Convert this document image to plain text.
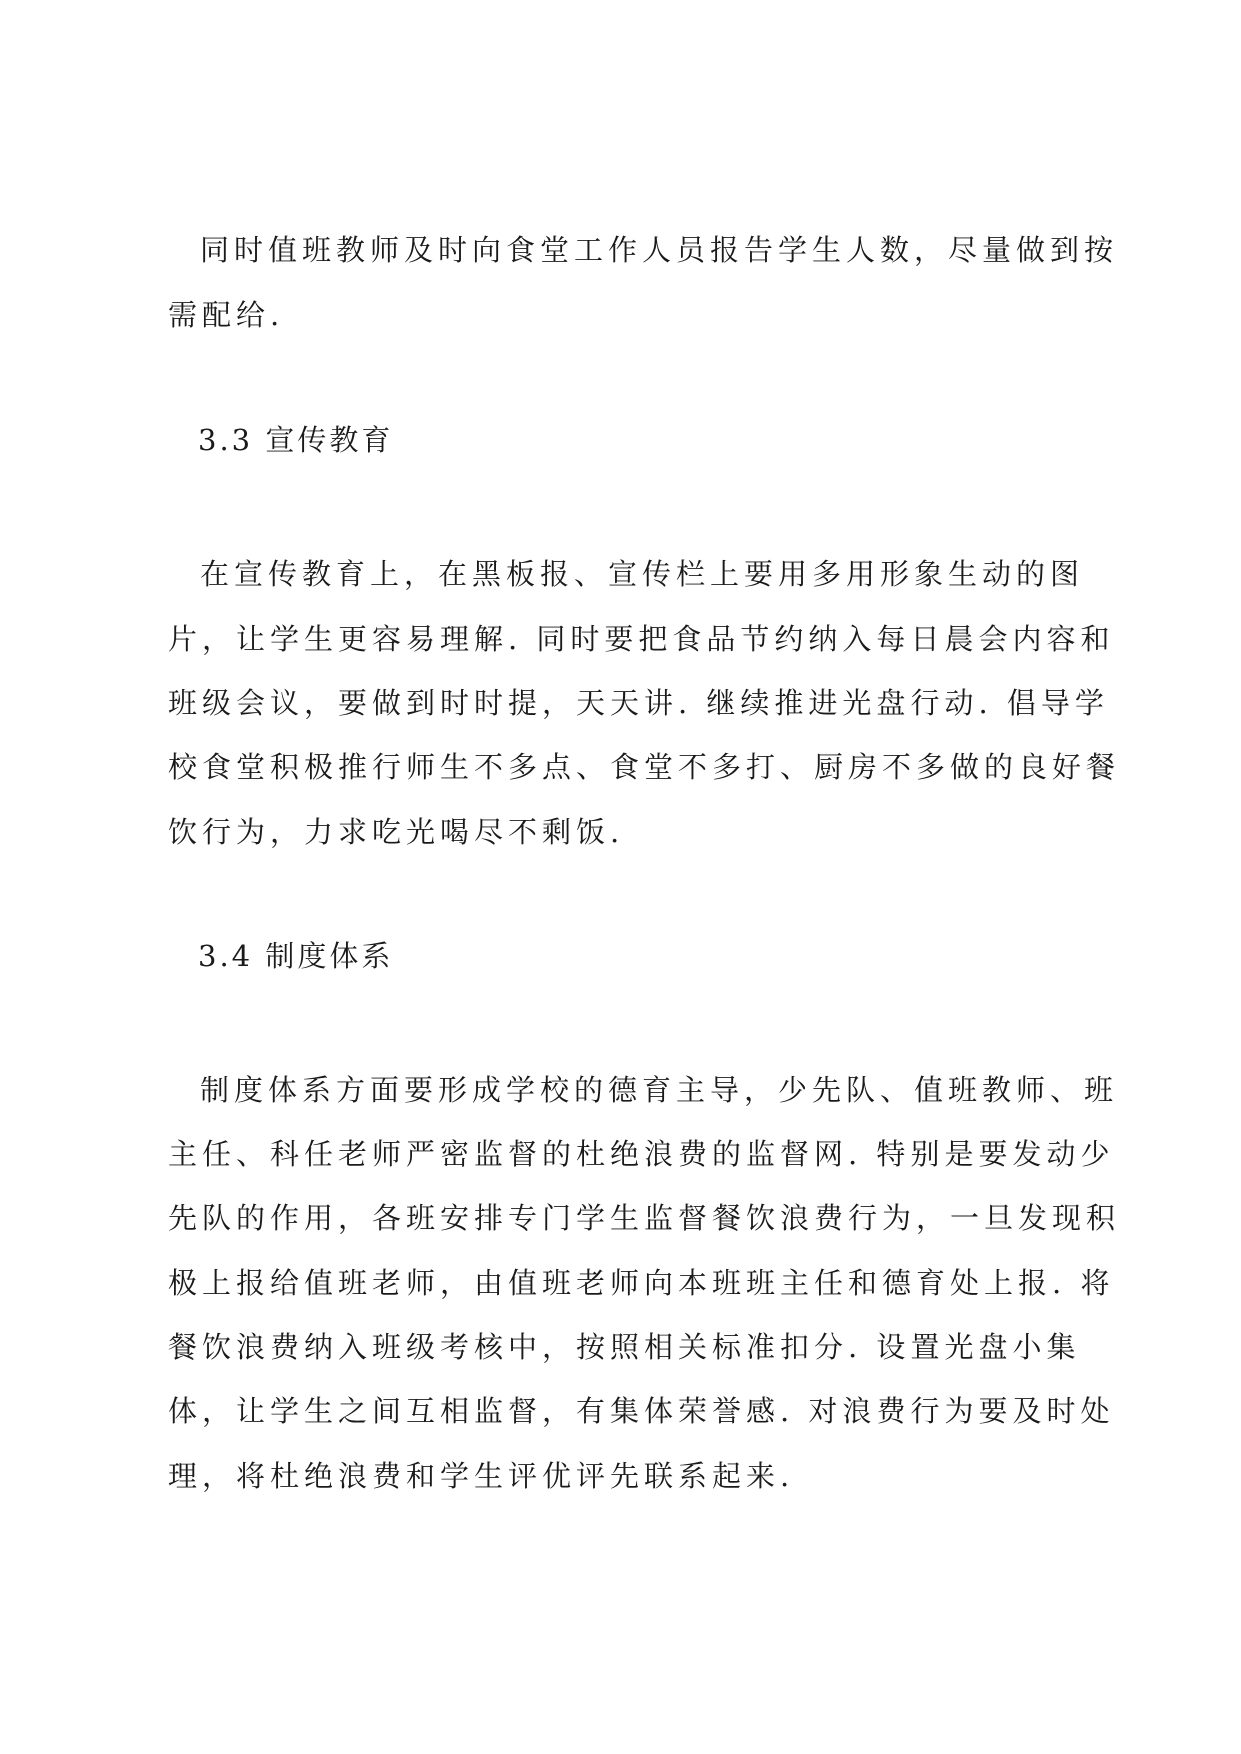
同时值班教师及时向食堂工作人员报告学生人数，尽量做到按
需配给.
3.3 宣传教育
在宣传教育上，在黑板报、宣传栏上要用多用形象生动的图
片，让学生更容易理解. 同时要把食品节约纳入每日晨会内容和
班级会议，要做到时时提，天天讲. 继续推进光盘行动. 倡导学
校食堂积极推行师生不多点、食堂不多打、厨房不多做的良好餐
饮行为，力求吃光喝尽不剩饭.
3.4 制度体系
制度体系方面要形成学校的德育主导，少先队、值班教师、班
主任、科任老师严密监督的杜绝浪费的监督网. 特别是要发动少
先队的作用，各班安排专门学生监督餐饮浪费行为，一旦发现积
极上报给值班老师，由值班老师向本班班主任和德育处上报. 将
餐饮浪费纳入班级考核中，按照相关标准扣分. 设置光盘小集
体，让学生之间互相监督，有集体荣誉感. 对浪费行为要及时处
理，将杜绝浪费和学生评优评先联系起来.
